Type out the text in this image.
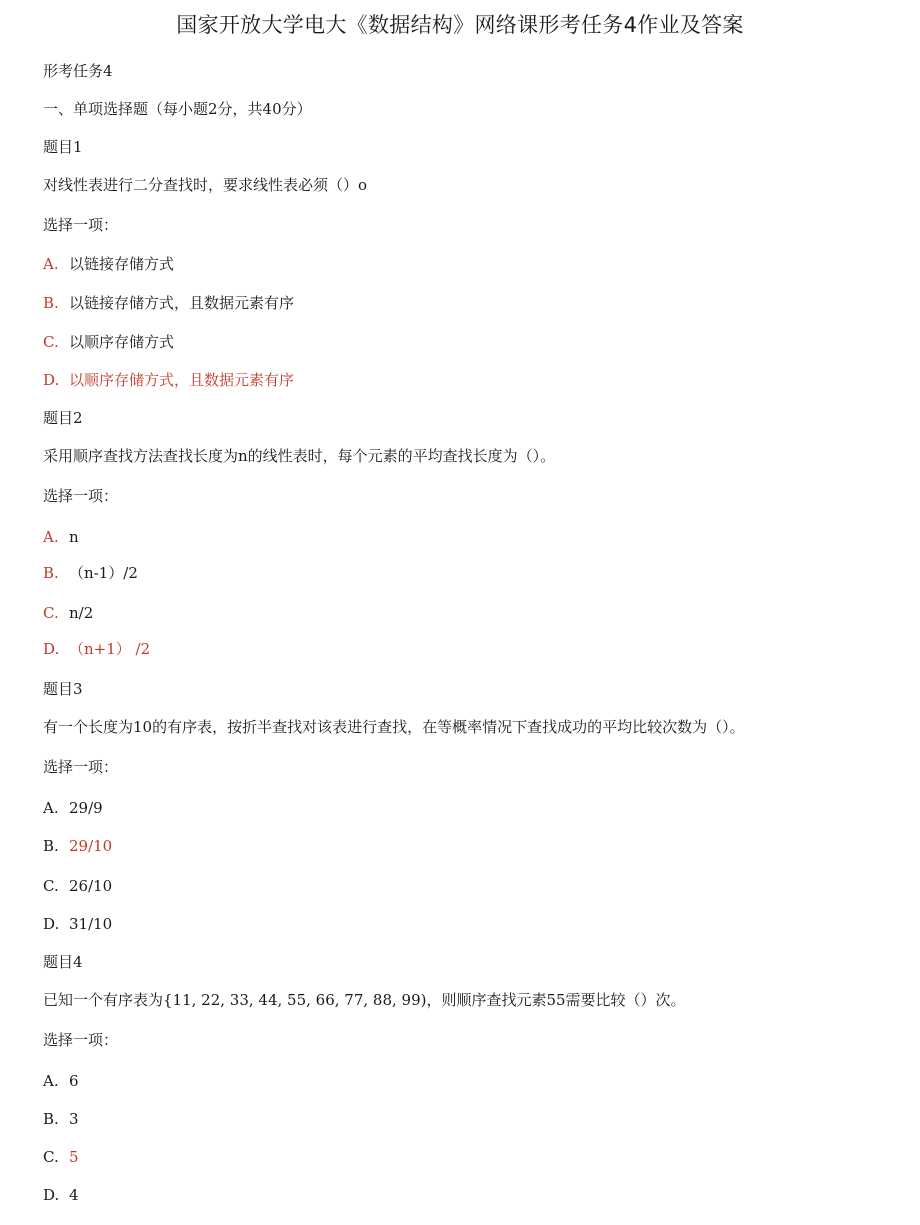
国家开放大学电大《数据结构》网络课形考任务4作业及答案
形考任务4
一、单项选择题（每小题2分，共40分）
题目1
对线性表进行二分查找时，要求线性表必须（）o
选择一项：
A. 以链接存储方式
B. 以链接存储方式，且数据元素有序
C. 以顺序存储方式
D. 以顺序存储方式，且数据元素有序
题目2
采用顺序查找方法查找长度为n的线性表时，每个元素的平均查找长度为（）。
选择一项：
A. n
B. （n-1）/2
C. n/2
D. （n+1） /2
题目3
有一个长度为10的有序表，按折半查找对该表进行查找，在等概率情况下查找成功的平均比较次数为（）。
选择一项：
A. 29/9
B. 29/10
C. 26/10
D. 31/10
题目4
已知一个有序表为{11, 22, 33, 44, 55, 66, 77, 88, 99)，则顺序查找元素55需要比较（）次。
选择一项：
A. 6
B. 3
C. 5
D. 4
